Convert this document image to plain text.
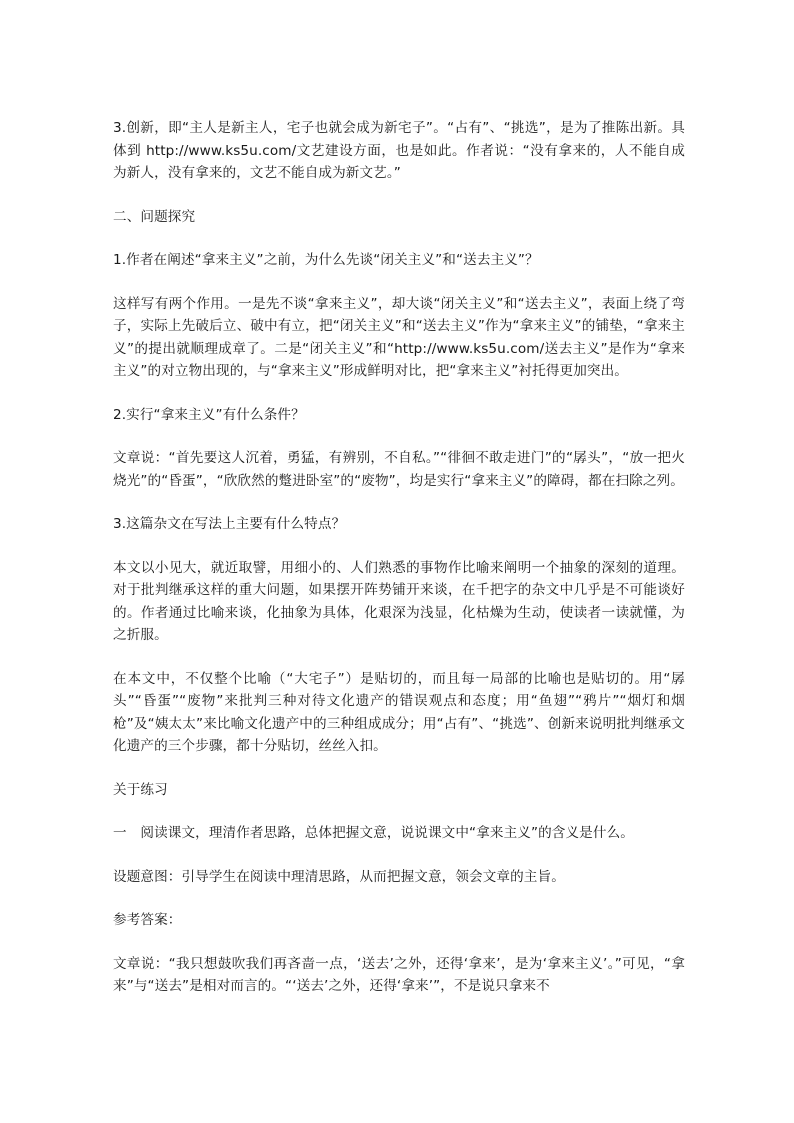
3.创新，即“主人是新主人，宅子也就会成为新宅子”。“占有”、“挑选”，是为了推陈出新。具体到 http://www.ks5u.com/文艺建设方面，也是如此。作者说：“没有拿来的，人不能自成为新人，没有拿来的，文艺不能自成为新文艺。”

二、问题探究

1.作者在阐述“拿来主义”之前，为什么先谈“闭关主义”和“送去主义”？

这样写有两个作用。一是先不谈“拿来主义”，却大谈“闭关主义”和“送去主义”，表面上绕了弯子，实际上先破后立、破中有立，把“闭关主义”和“送去主义”作为“拿来主义”的铺垫，“拿来主义”的提出就顺理成章了。二是“闭关主义”和“http://www.ks5u.com/送去主义”是作为“拿来主义”的对立物出现的，与“拿来主义”形成鲜明对比，把“拿来主义”衬托得更加突出。

2.实行“拿来主义”有什么条件？

文章说：“首先要这人沉着，勇猛，有辨别，不自私。”“徘徊不敢走进门”的“孱头”，“放一把火烧光”的“昏蛋”，“欣欣然的蹩进卧室”的“废物”，均是实行“拿来主义”的障碍，都在扫除之列。

3.这篇杂文在写法上主要有什么特点？

本文以小见大，就近取譬，用细小的、人们熟悉的事物作比喻来阐明一个抽象的深刻的道理。对于批判继承这样的重大问题，如果摆开阵势铺开来谈，在千把字的杂文中几乎是不可能谈好的。作者通过比喻来谈，化抽象为具体，化艰深为浅显，化枯燥为生动，使读者一读就懂，为之折服。

在本文中，不仅整个比喻（“大宅子”）是贴切的，而且每一局部的比喻也是贴切的。用“孱头”“昏蛋”“废物”来批判三种对待文化遗产的错误观点和态度；用“鱼翅”“鸦片”“烟灯和烟枪”及“姨太太”来比喻文化遗产中的三种组成成分；用“占有”、“挑选”、创新来说明批判继承文化遗产的三个步骤，都十分贴切，丝丝入扣。

关于练习

一　阅读课文，理清作者思路，总体把握文意，说说课文中“拿来主义”的含义是什么。

设题意图：引导学生在阅读中理清思路，从而把握文意，领会文章的主旨。

参考答案：

文章说：“我只想鼓吹我们再吝啬一点，‘送去’之外，还得‘拿来’，是为‘拿来主义’。”可见，“拿来”与“送去”是相对而言的。“‘送去’之外，还得‘拿来’”，不是说只拿来不
